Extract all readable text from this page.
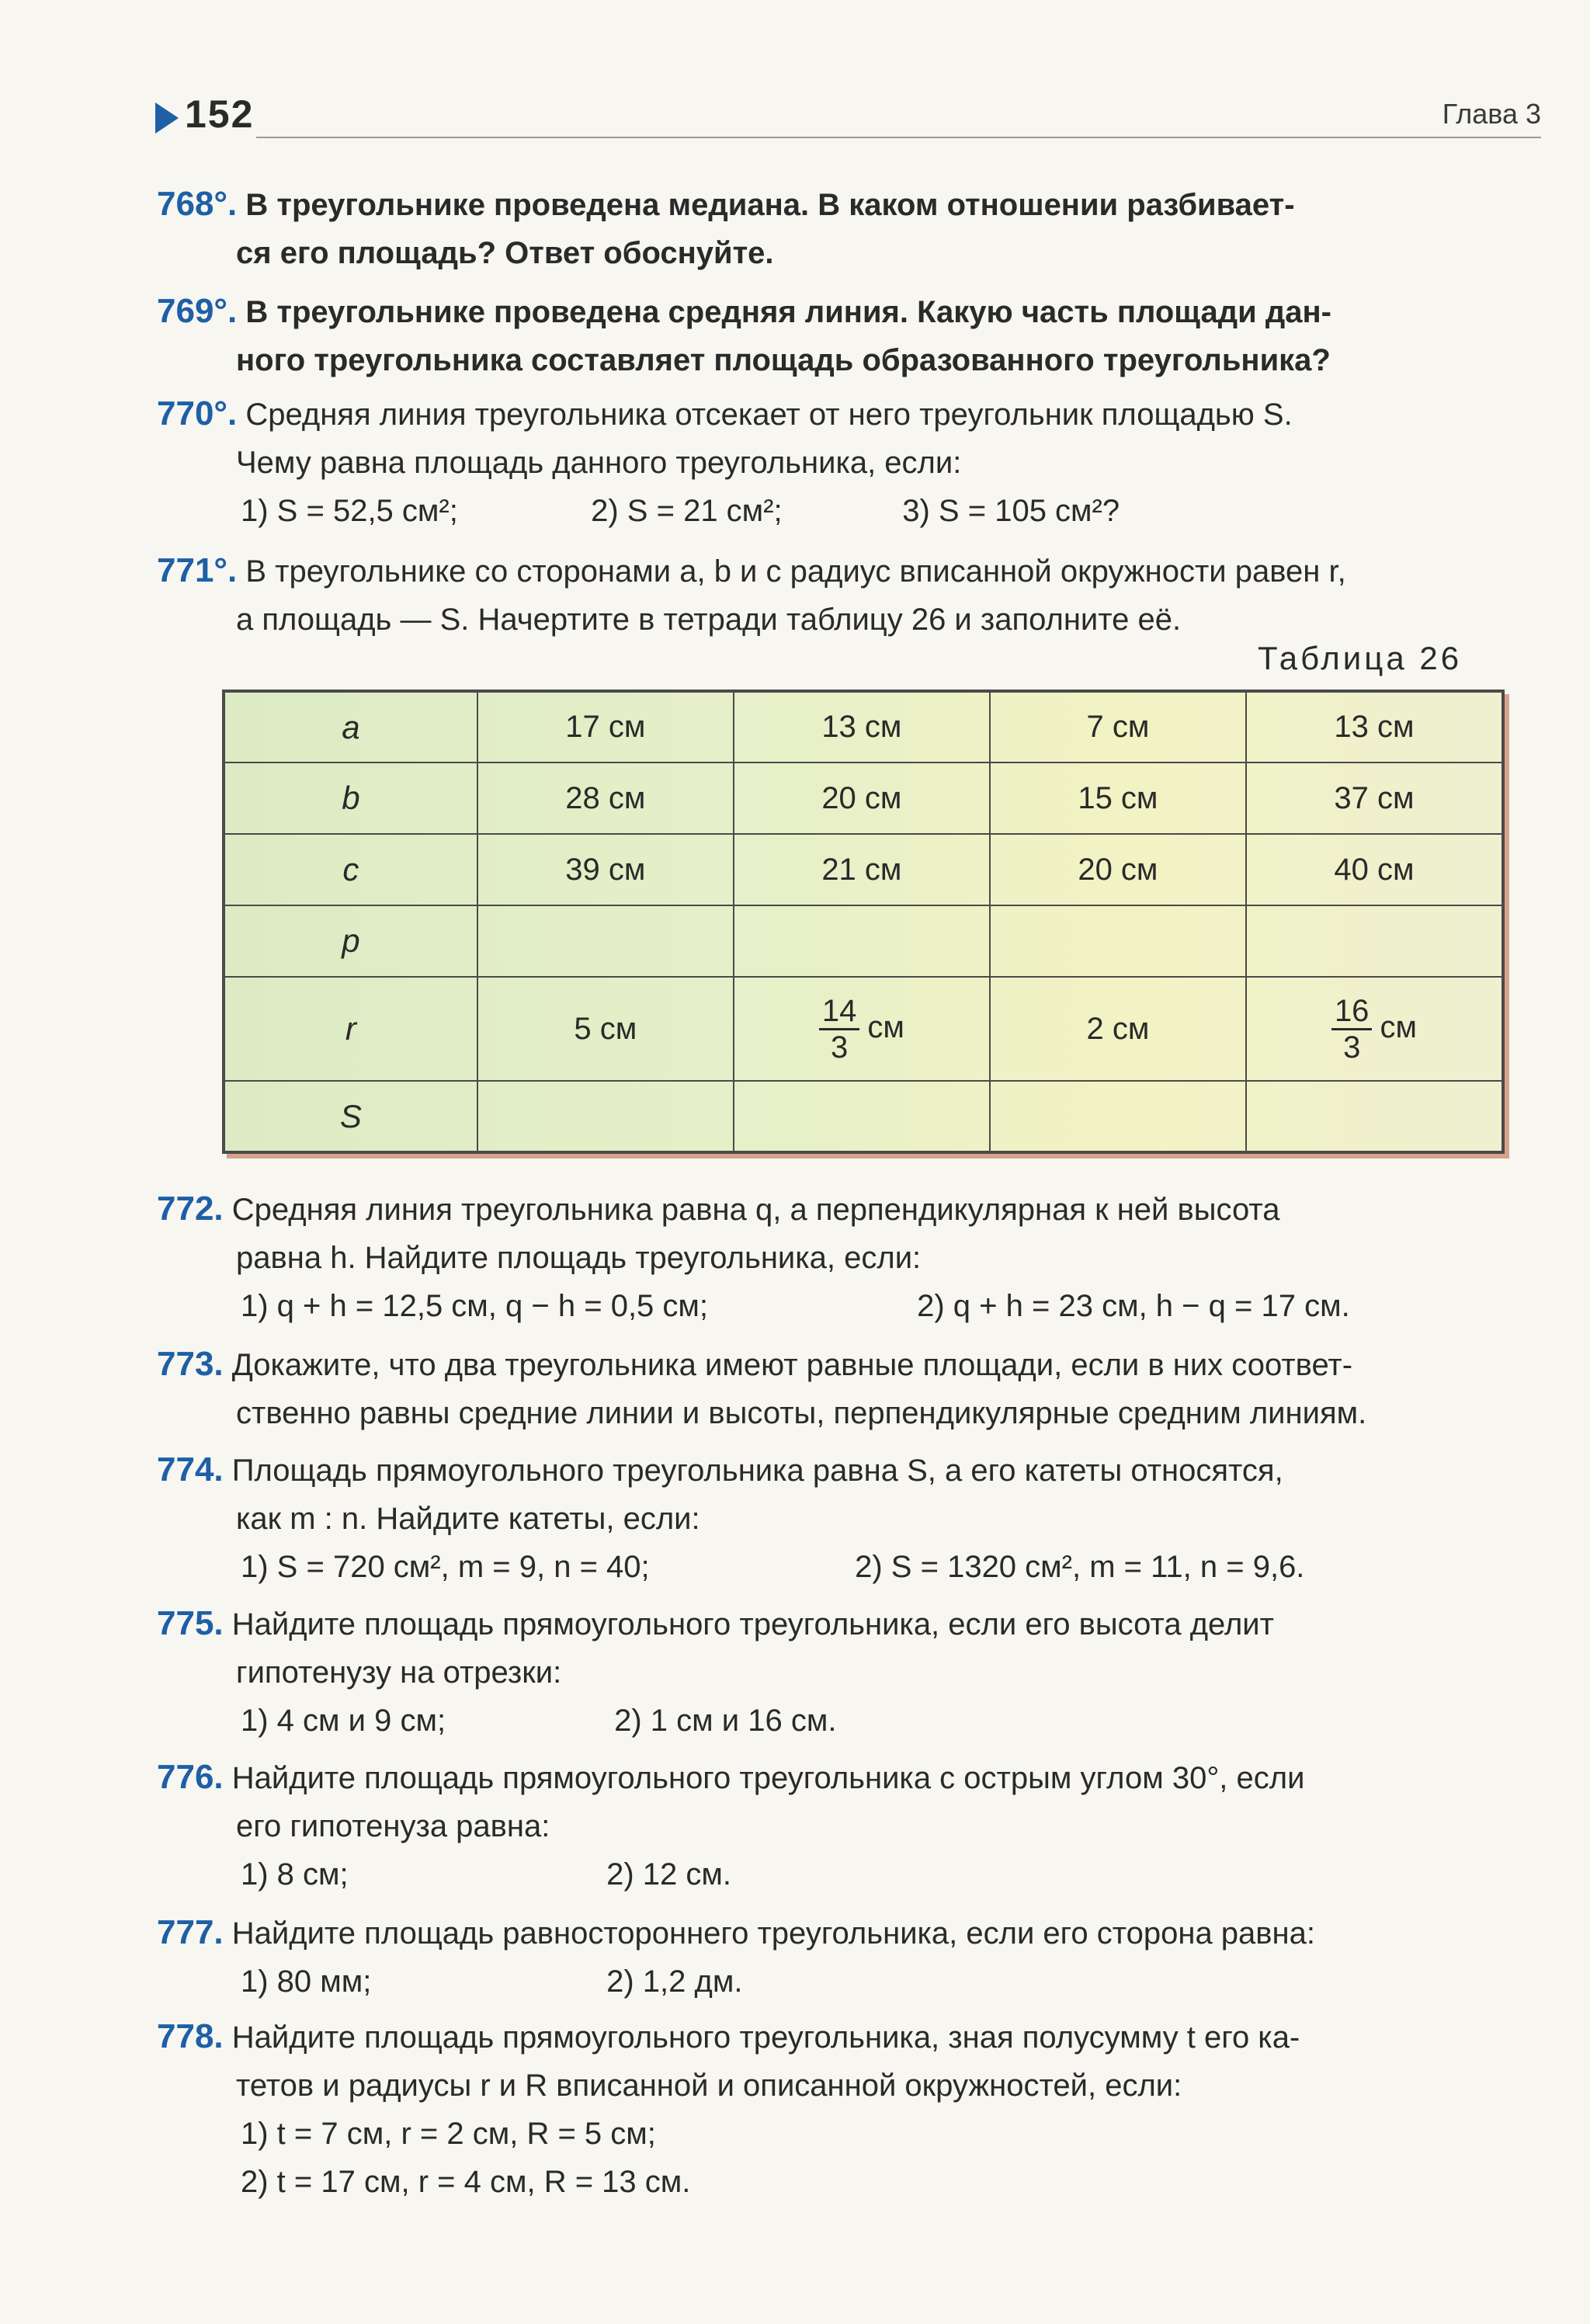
152	Глава 3
768°. В треугольнике проведена медиана. В каком отношении разбивает-
ся его площадь? Ответ обоснуйте.
769°. В треугольнике проведена средняя линия. Какую часть площади дан-
ного треугольника составляет площадь образованного треугольника?
770°. Средняя линия треугольника отсекает от него треугольник площадью S.
Чему равна площадь данного треугольника, если:
1) S = 52,5 см²;	2) S = 21 см²;	3) S = 105 см²?
771°. В треугольнике со сторонами a, b и c радиус вписанной окружности равен r,
а площадь — S. Начертите в тетради таблицу 26 и заполните её.
Таблица 26
a	17 см	13 см	7 см	13 см
b	28 см	20 см	15 см	37 см
c	39 см	21 см	20 см	40 см
p				
r	5 см	$\frac{14}{3}$ см	2 см	$\frac{16}{3}$ см
S				
772. Средняя линия треугольника равна q, а перпендикулярная к ней высота
равна h. Найдите площадь треугольника, если:
1) q + h = 12,5 см, q − h = 0,5 см;	2) q + h = 23 см, h − q = 17 см.
773. Докажите, что два треугольника имеют равные площади, если в них соответ-
ственно равны средние линии и высоты, перпендикулярные средним линиям.
774. Площадь прямоугольного треугольника равна S, а его катеты относятся,
как m : n. Найдите катеты, если:
1) S = 720 см², m = 9, n = 40;	2) S = 1320 см², m = 11, n = 9,6.
775. Найдите площадь прямоугольного треугольника, если его высота делит
гипотенузу на отрезки:
1) 4 см и 9 см;	2) 1 см и 16 см.
776. Найдите площадь прямоугольного треугольника с острым углом 30°, если
его гипотенуза равна:
1) 8 см;	2) 12 см.
777. Найдите площадь равностороннего треугольника, если его сторона равна:
1) 80 мм;	2) 1,2 дм.
778. Найдите площадь прямоугольного треугольника, зная полусумму t его ка-
тетов и радиусы r и R вписанной и описанной окружностей, если:
1) t = 7 см, r = 2 см, R = 5 см;
2) t = 17 см, r = 4 см, R = 13 см.
